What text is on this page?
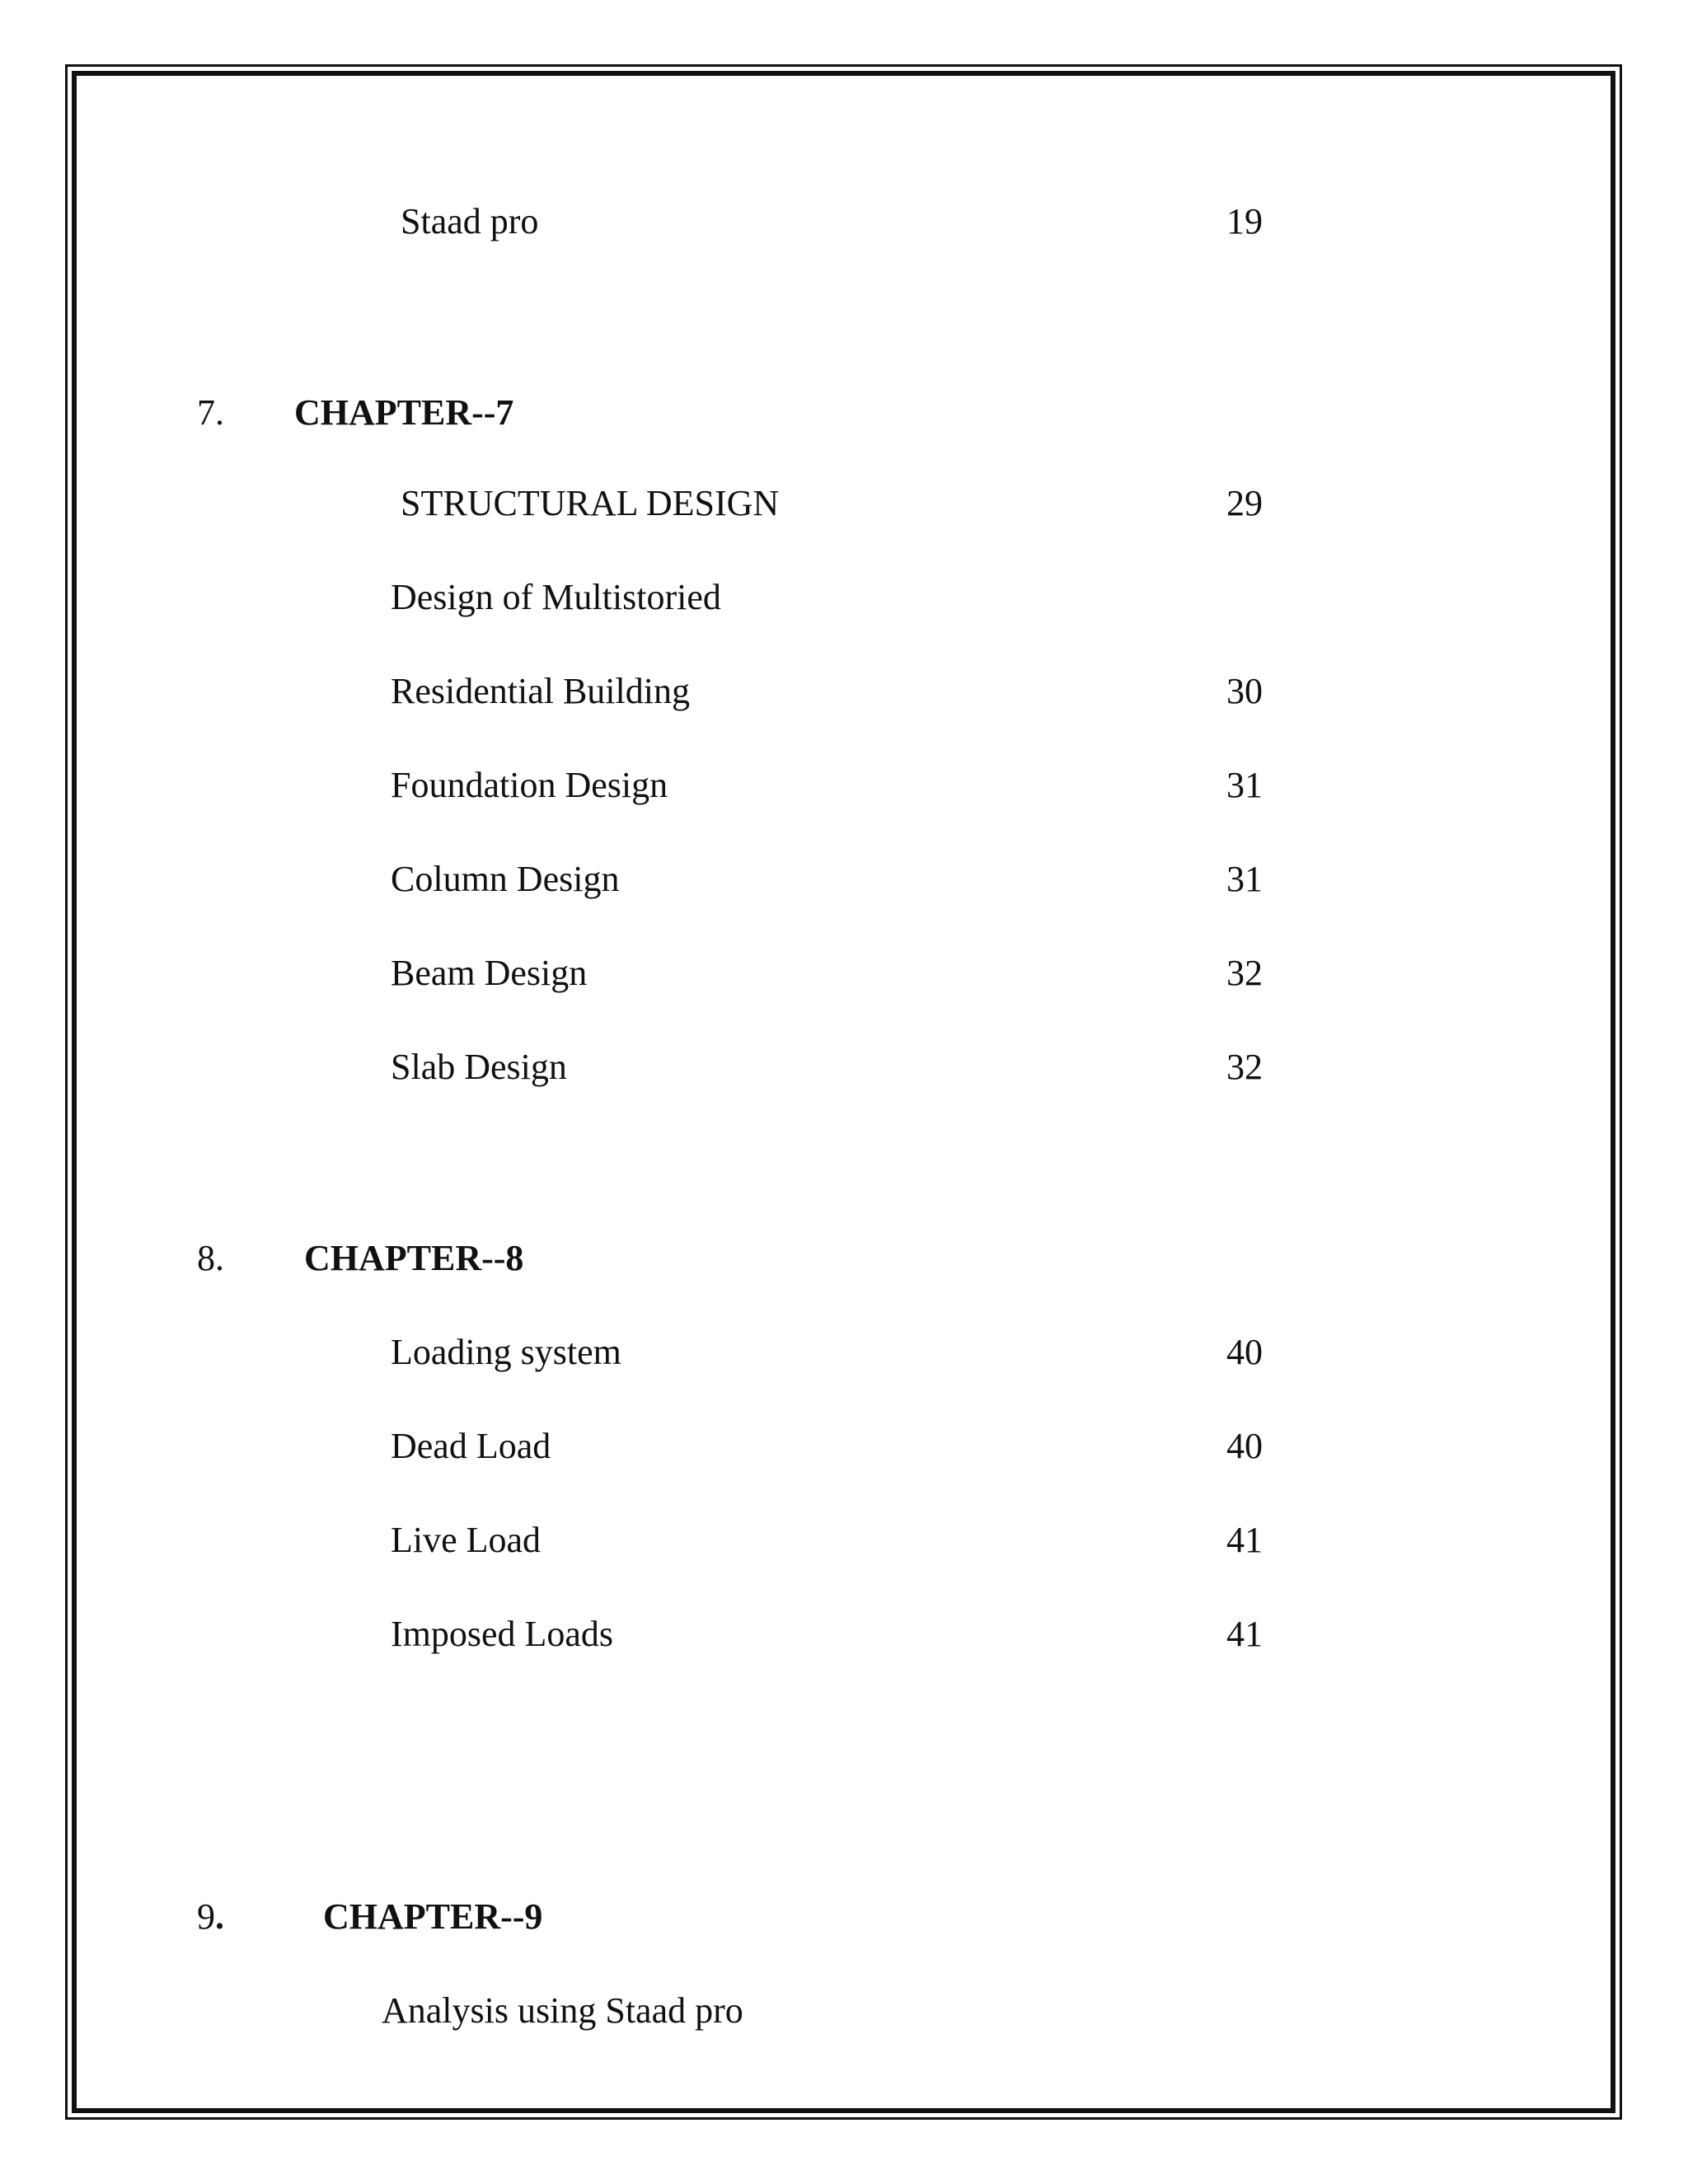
Staad pro	19
7. CHAPTER--7
STRUCTURAL DESIGN	29
Design of Multistoried
Residential Building	30
Foundation Design	31
Column Design	31
Beam Design	32
Slab Design	32
8. CHAPTER--8
Loading system	40
Dead Load	40
Live Load	41
Imposed Loads	41
9.	CHAPTER--9
Analysis using Staad pro
